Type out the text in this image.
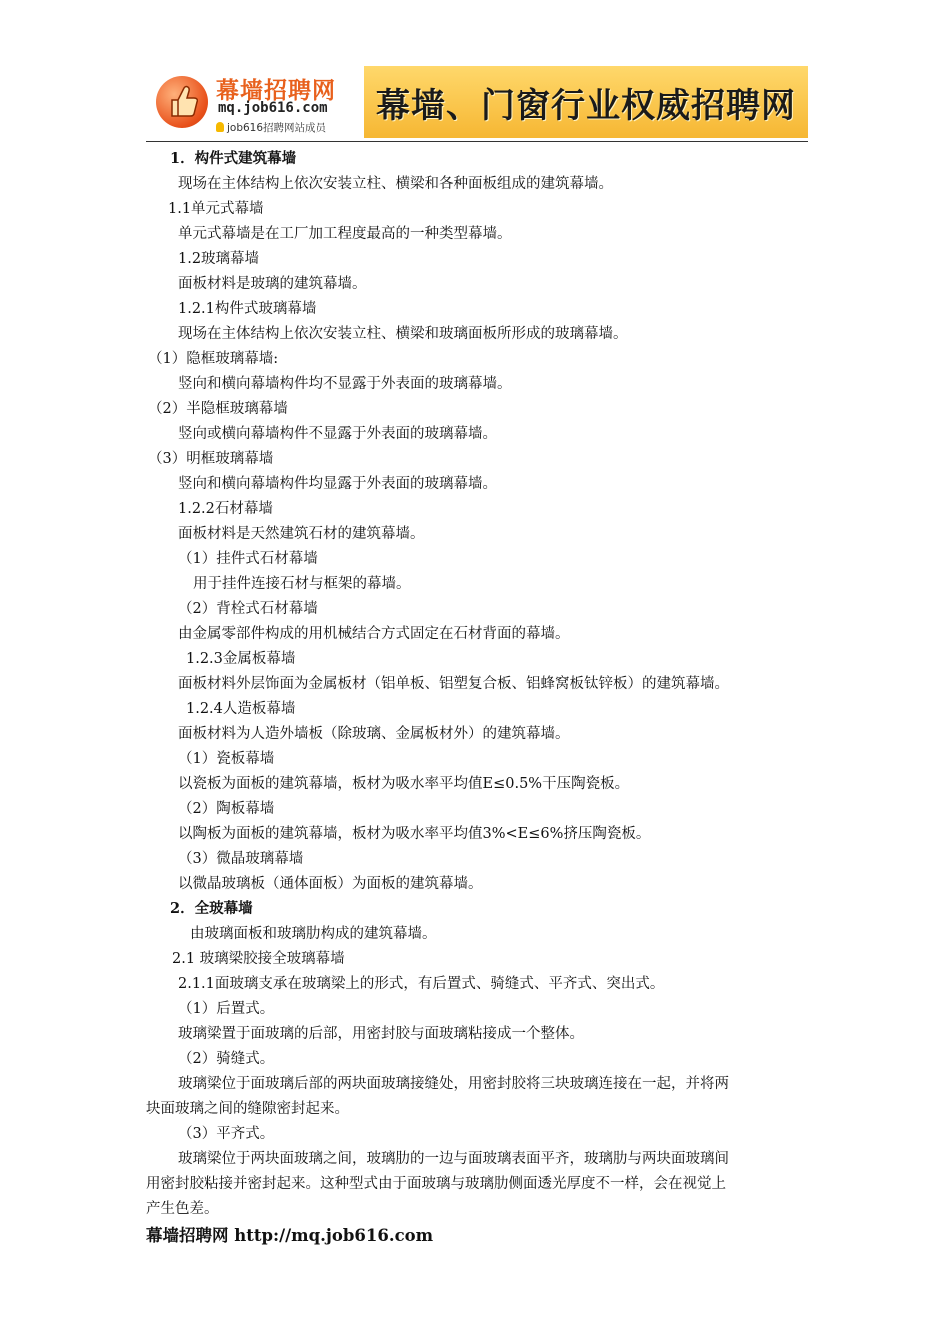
幕墙招聘网
mq.job616.com
job616招聘网站成员
幕墙、门窗行业权威招聘网
1．构件式建筑幕墙
现场在主体结构上依次安装立柱、横梁和各种面板组成的建筑幕墙。
1.1单元式幕墙
单元式幕墙是在工厂加工程度最高的一种类型幕墙。
1.2玻璃幕墙
面板材料是玻璃的建筑幕墙。
1.2.1构件式玻璃幕墙
现场在主体结构上依次安装立柱、横梁和玻璃面板所形成的玻璃幕墙。
（1）隐框玻璃幕墙:
竖向和横向幕墙构件均不显露于外表面的玻璃幕墙。
（2）半隐框玻璃幕墙
竖向或横向幕墙构件不显露于外表面的玻璃幕墙。
（3）明框玻璃幕墙
竖向和横向幕墙构件均显露于外表面的玻璃幕墙。
1.2.2石材幕墙
面板材料是天然建筑石材的建筑幕墙。
（1）挂件式石材幕墙
用于挂件连接石材与框架的幕墙。
（2）背栓式石材幕墙
由金属零部件构成的用机械结合方式固定在石材背面的幕墙。
1.2.3金属板幕墙
面板材料外层饰面为金属板材（铝单板、铝塑复合板、铝蜂窝板钛锌板）的建筑幕墙。
1.2.4人造板幕墙
面板材料为人造外墙板（除玻璃、金属板材外）的建筑幕墙。
（1）瓷板幕墙
以瓷板为面板的建筑幕墙，板材为吸水率平均值E≤0.5%干压陶瓷板。
（2）陶板幕墙
以陶板为面板的建筑幕墙，板材为吸水率平均值3%<E≤6%挤压陶瓷板。
（3）微晶玻璃幕墙
以微晶玻璃板（通体面板）为面板的建筑幕墙。
2．全玻幕墙
由玻璃面板和玻璃肋构成的建筑幕墙。
2.1 玻璃梁胶接全玻璃幕墙
2.1.1面玻璃支承在玻璃梁上的形式，有后置式、骑缝式、平齐式、突出式。
（1）后置式。
玻璃梁置于面玻璃的后部，用密封胶与面玻璃粘接成一个整体。
（2）骑缝式。
玻璃梁位于面玻璃后部的两块面玻璃接缝处，用密封胶将三块玻璃连接在一起，并将两
块面玻璃之间的缝隙密封起来。
（3）平齐式。
玻璃梁位于两块面玻璃之间，玻璃肋的一边与面玻璃表面平齐，玻璃肋与两块面玻璃间
用密封胶粘接并密封起来。这种型式由于面玻璃与玻璃肋侧面透光厚度不一样，会在视觉上
产生色差。
幕墙招聘网 http://mq.job616.com
